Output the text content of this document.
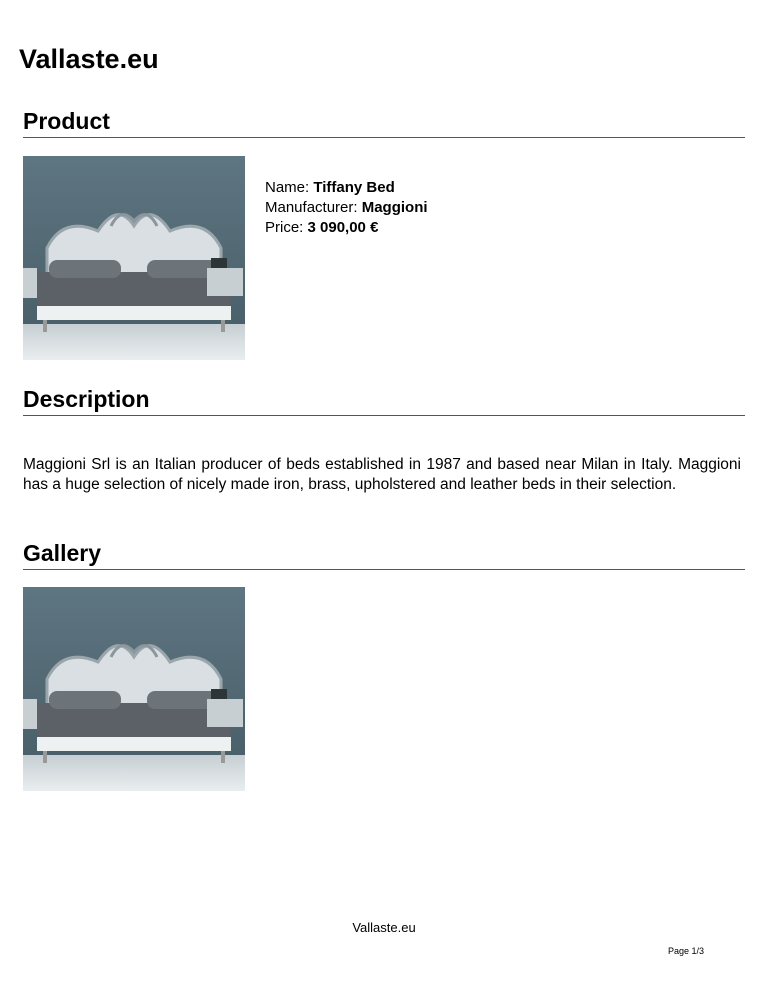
Vallaste.eu
Product
Name: Tiffany Bed
Manufacturer: Maggioni
Price: 3 090,00 €
Description

Maggioni Srl is an Italian producer of beds established in 1987 and based near Milan in Italy. Maggioni has a huge selection of nicely made iron, brass, upholstered and leather beds in their selection.

Gallery
Vallaste.eu
Page 1/3
